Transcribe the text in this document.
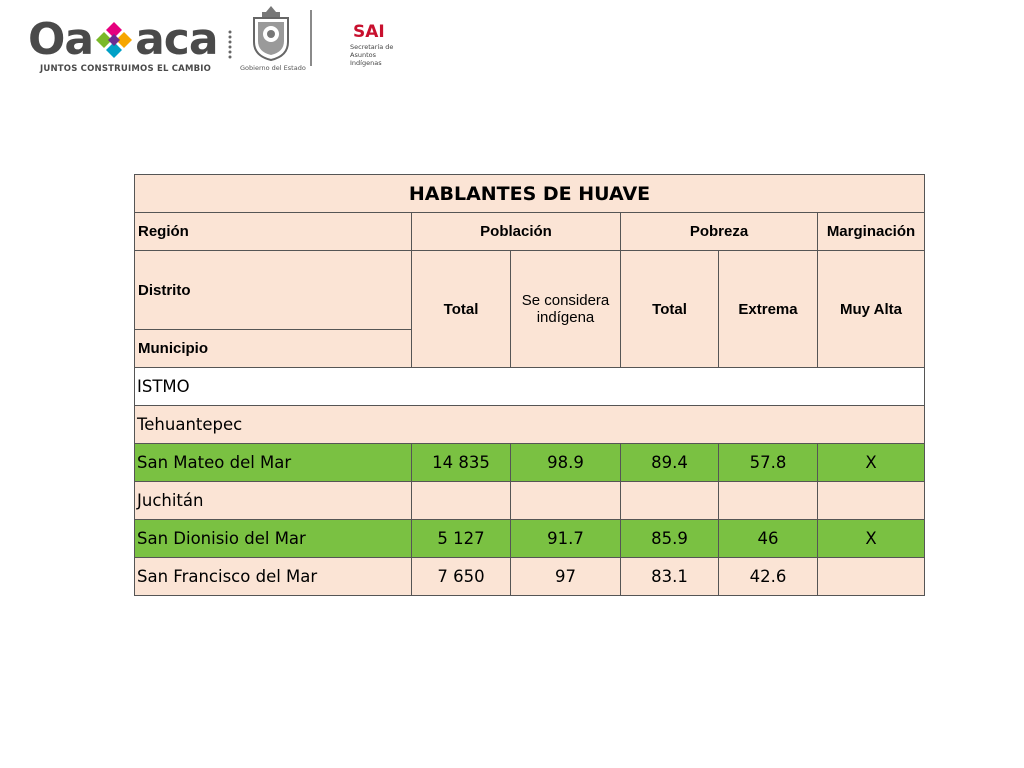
Oa aca
JUNTOS CONSTRUIMOS EL CAMBIO	Gobierno del Estado
SAI
Secretaría de
Asuntos Indígenas
HABLANTES DE HUAVE					
Región	Población		Pobreza		Marginación
Distrito	Total	Se considera indígena	Total	Extrema	Muy Alta
Municipio					
ISTMO					
Tehuantepec					
San Mateo del Mar	14 835	98.9	89.4	57.8	X
Juchitán					
San Dionisio del Mar	5 127	91.7	85.9	46	X
San Francisco del Mar	7 650	97	83.1	42.6	
